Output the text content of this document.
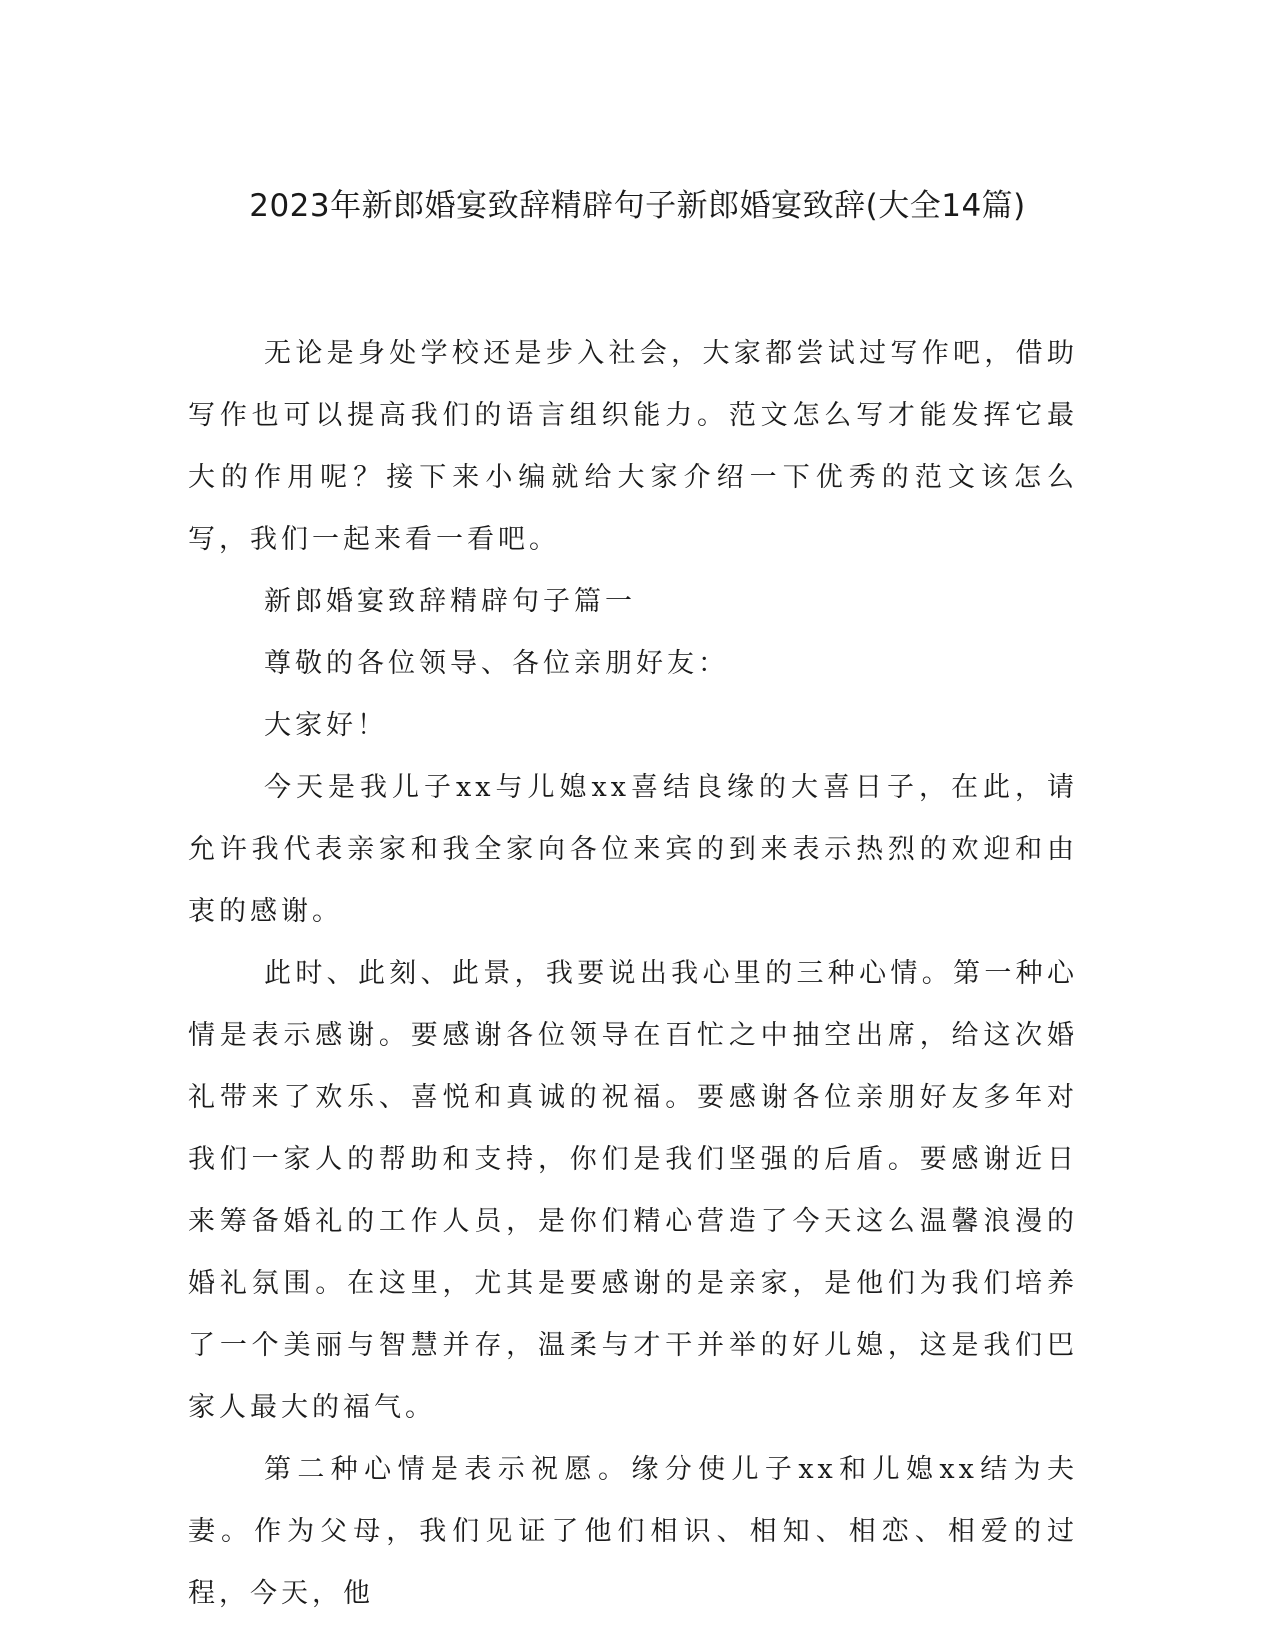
2023年新郎婚宴致辞精辟句子新郎婚宴致辞(大全14篇)

无论是身处学校还是步入社会，大家都尝试过写作吧，借助写作也可以提高我们的语言组织能力。范文怎么写才能发挥它最大的作用呢？接下来小编就给大家介绍一下优秀的范文该怎么写，我们一起来看一看吧。

新郎婚宴致辞精辟句子篇一

尊敬的各位领导、各位亲朋好友：

大家好！

今天是我儿子xx与儿媳xx喜结良缘的大喜日子，在此，请允许我代表亲家和我全家向各位来宾的到来表示热烈的欢迎和由衷的感谢。

此时、此刻、此景，我要说出我心里的三种心情。第一种心情是表示感谢。要感谢各位领导在百忙之中抽空出席，给这次婚礼带来了欢乐、喜悦和真诚的祝福。要感谢各位亲朋好友多年对我们一家人的帮助和支持，你们是我们坚强的后盾。要感谢近日来筹备婚礼的工作人员，是你们精心营造了今天这么温馨浪漫的婚礼氛围。在这里，尤其是要感谢的是亲家，是他们为我们培养了一个美丽与智慧并存，温柔与才干并举的好儿媳，这是我们巴家人最大的福气。

第二种心情是表示祝愿。缘分使儿子xx和儿媳xx结为夫妻。作为父母，我们见证了他们相识、相知、相恋、相爱的过程，今天，他
